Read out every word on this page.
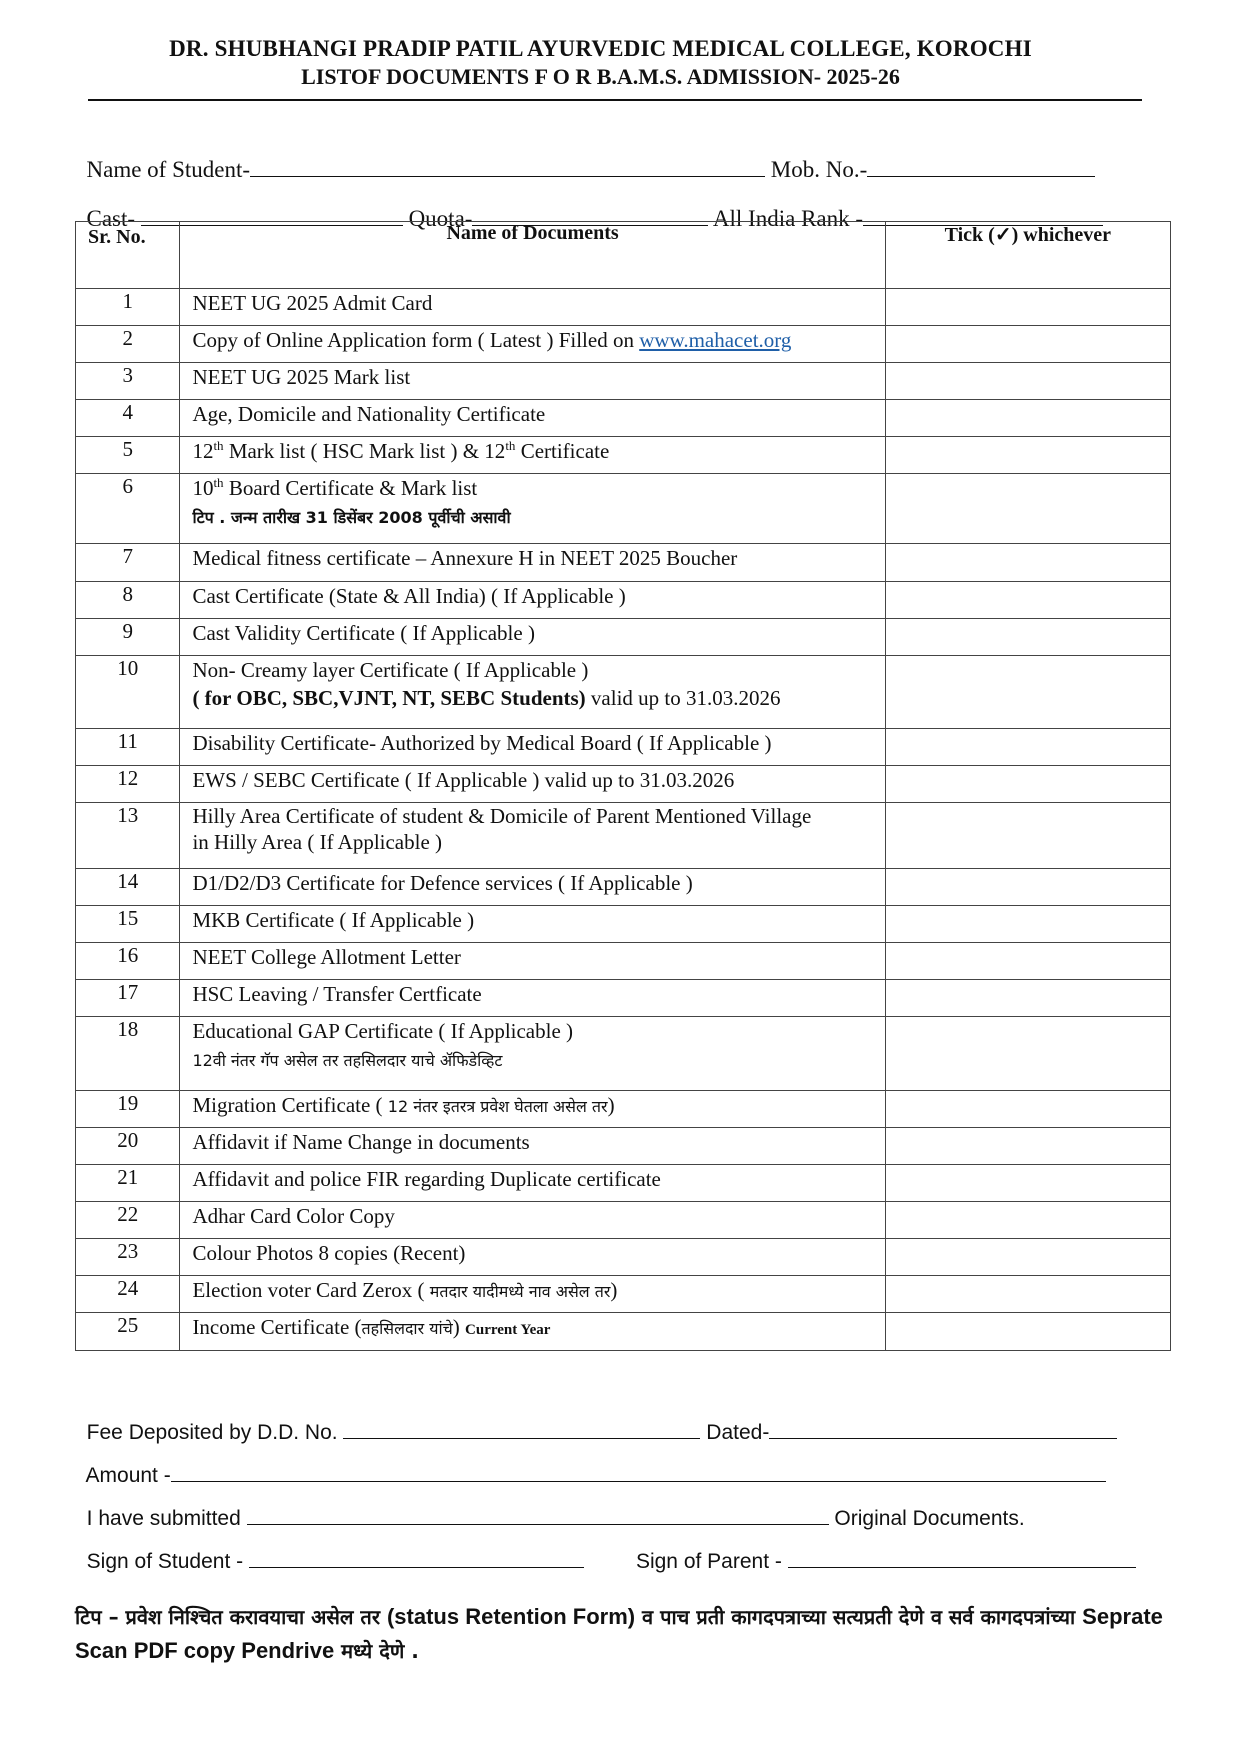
DR. SHUBHANGI PRADIP PATIL AYURVEDIC MEDICAL COLLEGE, KOROCHI
LISTOF DOCUMENTS F O R B.A.M.S. ADMISSION- 2025-26

Name of Student-	Mob. No.-

Cast-	Quota-	All India Rank -

Sr. No.	Name of Documents	Tick (✓) whichever
1	NEET UG 2025 Admit Card	
2	Copy of Online Application form ( Latest ) Filled on www.mahacet.org	
3	NEET UG 2025 Mark list	
4	Age, Domicile and Nationality Certificate	
5	12th Mark list ( HSC Mark list ) & 12th Certificate	
6	10th Board Certificate & Mark list
टिप . जन्म तारीख 31 डिसेंबर 2008 पूर्वीची असावी	
7	Medical fitness certificate – Annexure H in NEET 2025 Boucher	
8	Cast Certificate (State & All India) ( If Applicable )	
9	Cast Validity Certificate ( If Applicable )	
10	Non- Creamy layer Certificate ( If Applicable )
( for OBC, SBC,VJNT, NT, SEBC Students) valid up to 31.03.2026	
11	Disability Certificate- Authorized by Medical Board ( If Applicable )	
12	EWS / SEBC Certificate ( If Applicable ) valid up to 31.03.2026	
13	Hilly Area Certificate of student & Domicile of Parent Mentioned Village
in Hilly Area ( If Applicable )	
14	D1/D2/D3 Certificate for Defence services ( If Applicable )	
15	MKB Certificate ( If Applicable )	
16	NEET College Allotment Letter	
17	HSC Leaving / Transfer Certficate	
18	Educational GAP Certificate ( If Applicable )
12वी नंतर गॅप असेल तर तहसिलदार याचे ॲफिडेव्हिट	
19	Migration Certificate ( 12 नंतर इतरत्र प्रवेश घेतला असेल तर)	
20	Affidavit if Name Change in documents	
21	Affidavit and police FIR regarding Duplicate certificate	
22	Adhar Card Color Copy	
23	Colour Photos 8 copies (Recent)	
24	Election voter Card Zerox ( मतदार यादीमध्ये नाव असेल तर)	
25	Income Certificate (तहसिलदार यांचे) Current Year	

Fee Deposited by D.D. No.	Dated-

Amount -

I have submitted	Original Documents.

Sign of Student -	Sign of Parent -

टिप – प्रवेश निश्चित करावयाचा असेल तर (status Retention Form) व पाच प्रती कागदपत्राच्या सत्यप्रती देणे व सर्व कागदपत्रांच्या Seprate Scan PDF copy Pendrive मध्ये देणे .
